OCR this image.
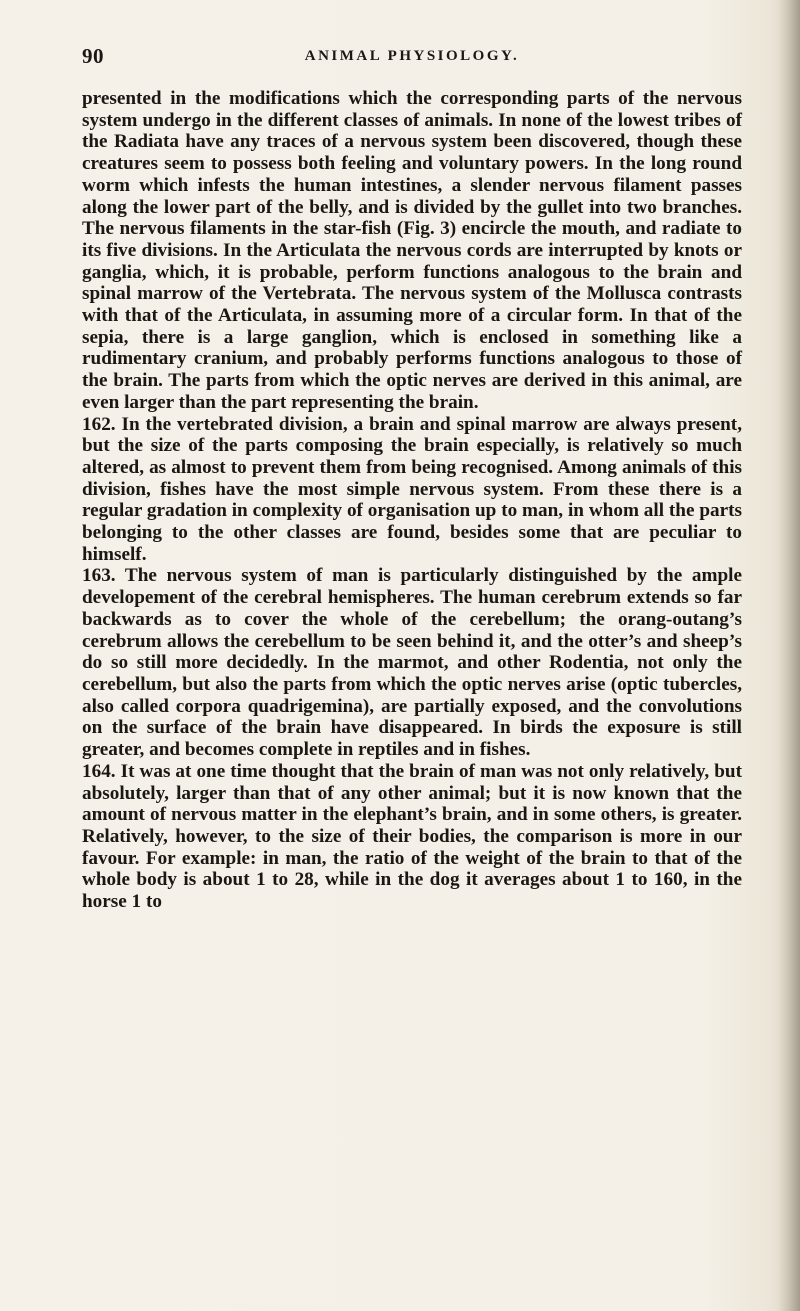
90	ANIMAL PHYSIOLOGY.

presented in the modifications which the corresponding parts of the nervous system undergo in the different classes of animals. In none of the lowest tribes of the Radiata have any traces of a nervous system been discovered, though these creatures seem to possess both feeling and voluntary powers. In the long round worm which infests the human intestines, a slender nervous filament passes along the lower part of the belly, and is divided by the gullet into two branches. The nervous filaments in the star-fish (Fig. 3) encircle the mouth, and radiate to its five divisions. In the Articulata the nervous cords are interrupted by knots or ganglia, which, it is probable, perform functions analogous to the brain and spinal marrow of the Vertebrata. The nervous system of the Mollusca contrasts with that of the Articulata, in assuming more of a circular form. In that of the sepia, there is a large ganglion, which is enclosed in something like a rudimentary cranium, and probably performs functions analogous to those of the brain. The parts from which the optic nerves are derived in this animal, are even larger than the part representing the brain.

162. In the vertebrated division, a brain and spinal marrow are always present, but the size of the parts composing the brain especially, is relatively so much altered, as almost to prevent them from being recognised. Among animals of this division, fishes have the most simple nervous system. From these there is a regular gradation in complexity of organisation up to man, in whom all the parts belonging to the other classes are found, besides some that are peculiar to himself.

163. The nervous system of man is particularly distinguished by the ample developement of the cerebral hemispheres. The human cerebrum extends so far backwards as to cover the whole of the cerebellum; the orang-outang’s cerebrum allows the cerebellum to be seen behind it, and the otter’s and sheep’s do so still more decidedly. In the marmot, and other Rodentia, not only the cerebellum, but also the parts from which the optic nerves arise (optic tubercles, also called corpora quadrigemina), are partially exposed, and the convolutions on the surface of the brain have disappeared. In birds the exposure is still greater, and becomes complete in reptiles and in fishes.

164. It was at one time thought that the brain of man was not only relatively, but absolutely, larger than that of any other animal; but it is now known that the amount of nervous matter in the elephant’s brain, and in some others, is greater. Relatively, however, to the size of their bodies, the comparison is more in our favour. For example: in man, the ratio of the weight of the brain to that of the whole body is about 1 to 28, while in the dog it averages about 1 to 160, in the horse 1 to
